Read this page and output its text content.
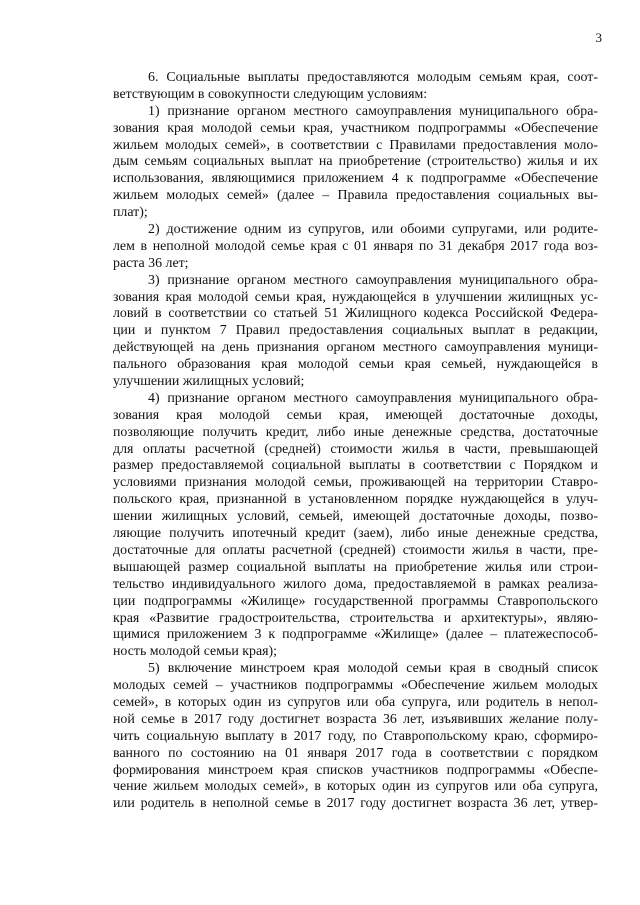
3
6. Социальные выплаты предоставляются молодым семьям края, соот-
ветствующим в совокупности следующим условиям:
1) признание органом местного самоуправления муниципального обра-
зования края молодой семьи края, участником подпрограммы «Обеспечение
жильем молодых семей», в соответствии с Правилами предоставления моло-
дым семьям социальных выплат на приобретение (строительство) жилья и их
использования, являющимися приложением 4 к подпрограмме «Обеспечение
жильем молодых семей» (далее – Правила предоставления социальных вы-
плат);
2) достижение одним из супругов, или обоими супругами, или родите-
лем в неполной молодой семье края с 01 января по 31 декабря 2017 года воз-
раста 36 лет;
3) признание органом местного самоуправления муниципального обра-
зования края молодой семьи края, нуждающейся в улучшении жилищных ус-
ловий в соответствии со статьей 51 Жилищного кодекса Российской Федера-
ции и пунктом 7 Правил предоставления социальных выплат в редакции,
действующей на день признания органом местного самоуправления муници-
пального образования края молодой семьи края семьей, нуждающейся в
улучшении жилищных условий;
4) признание органом местного самоуправления муниципального обра-
зования края молодой семьи края, имеющей достаточные доходы,
позволяющие получить кредит, либо иные денежные средства, достаточные
для оплаты расчетной (средней) стоимости жилья в части, превышающей
размер предоставляемой социальной выплаты в соответствии с Порядком и
условиями признания молодой семьи, проживающей на территории Ставро-
польского края, признанной в установленном порядке нуждающейся в улуч-
шении жилищных условий, семьей, имеющей достаточные доходы, позво-
ляющие получить ипотечный кредит (заем), либо иные денежные средства,
достаточные для оплаты расчетной (средней) стоимости жилья в части, пре-
вышающей размер социальной выплаты на приобретение жилья или строи-
тельство индивидуального жилого дома, предоставляемой в рамках реализа-
ции подпрограммы «Жилище» государственной программы Ставропольского
края «Развитие градостроительства, строительства и архитектуры», являю-
щимися приложением 3 к подпрограмме «Жилище» (далее – платежеспособ-
ность молодой семьи края);
5) включение минстроем края молодой семьи края в сводный список
молодых семей – участников подпрограммы «Обеспечение жильем молодых
семей», в которых один из супругов или оба супруга, или родитель в непол-
ной семье в 2017 году достигнет возраста 36 лет, изъявивших желание полу-
чить социальную выплату в 2017 году, по Ставропольскому краю, сформиро-
ванного по состоянию на 01 января 2017 года в соответствии с порядком
формирования минстроем края списков участников подпрограммы «Обеспе-
чение жильем молодых семей», в которых один из супругов или оба супруга,
или родитель в неполной семье в 2017 году достигнет возраста 36 лет, утвер-
